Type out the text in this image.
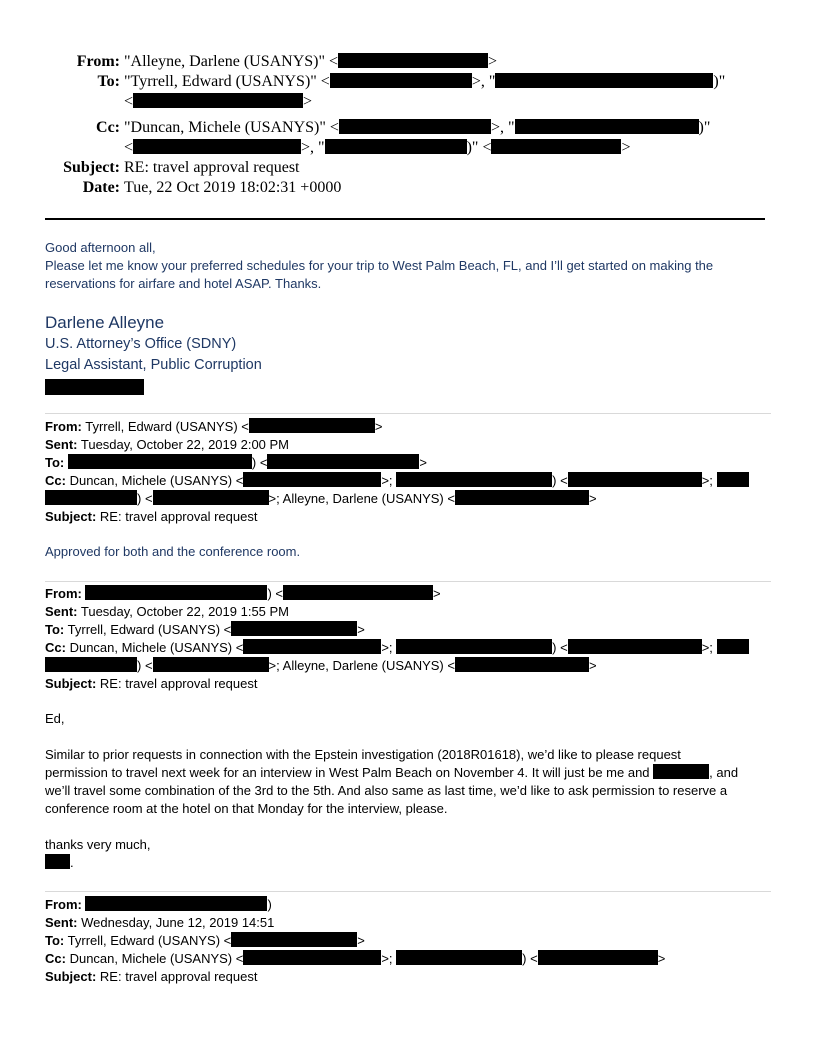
From: "Alleyne, Darlene (USANYS)" <	>
To: "Tyrrell, Edward (USANYS)" <	>, "	)"
<	>
Cc: "Duncan, Michele (USANYS)" <	>, "	)"
<	>, "	)" <	>
Subject: RE: travel approval request
Date: Tue, 22 Oct 2019 18:02:31 +0000
Good afternoon all,
Please let me know your preferred schedules for your trip to West Palm Beach, FL, and I’ll get started on making the reservations for airfare and hotel ASAP. Thanks.
Darlene Alleyne
U.S. Attorney’s Office (SDNY)
Legal Assistant, Public Corruption
From: Tyrrell, Edward (USANYS) <	>
Sent: Tuesday, October 22, 2019 2:00 PM
To:	) <	>
Cc: Duncan, Michele (USANYS) <	>;	) <	>;
) <	>; Alleyne, Darlene (USANYS) <	>
Subject: RE: travel approval request
Approved for both and the conference room.
From:	) <	>
Sent: Tuesday, October 22, 2019 1:55 PM
To: Tyrrell, Edward (USANYS) <	>
Cc: Duncan, Michele (USANYS) <	>;	) <	>;
) <	>; Alleyne, Darlene (USANYS) <	>
Subject: RE: travel approval request
Ed,
Similar to prior requests in connection with the Epstein investigation (2018R01618), we’d like to please request
permission to travel next week for an interview in West Palm Beach on November 4. It will just be me and	, and
we’ll travel some combination of the 3rd to the 5th. And also same as last time, we’d like to ask permission to reserve a
conference room at the hotel on that Monday for the interview, please.
thanks very much,
.
From:	)
Sent: Wednesday, June 12, 2019 14:51
To: Tyrrell, Edward (USANYS) <	>
Cc: Duncan, Michele (USANYS) <	>;	) <	>
Subject: RE: travel approval request
